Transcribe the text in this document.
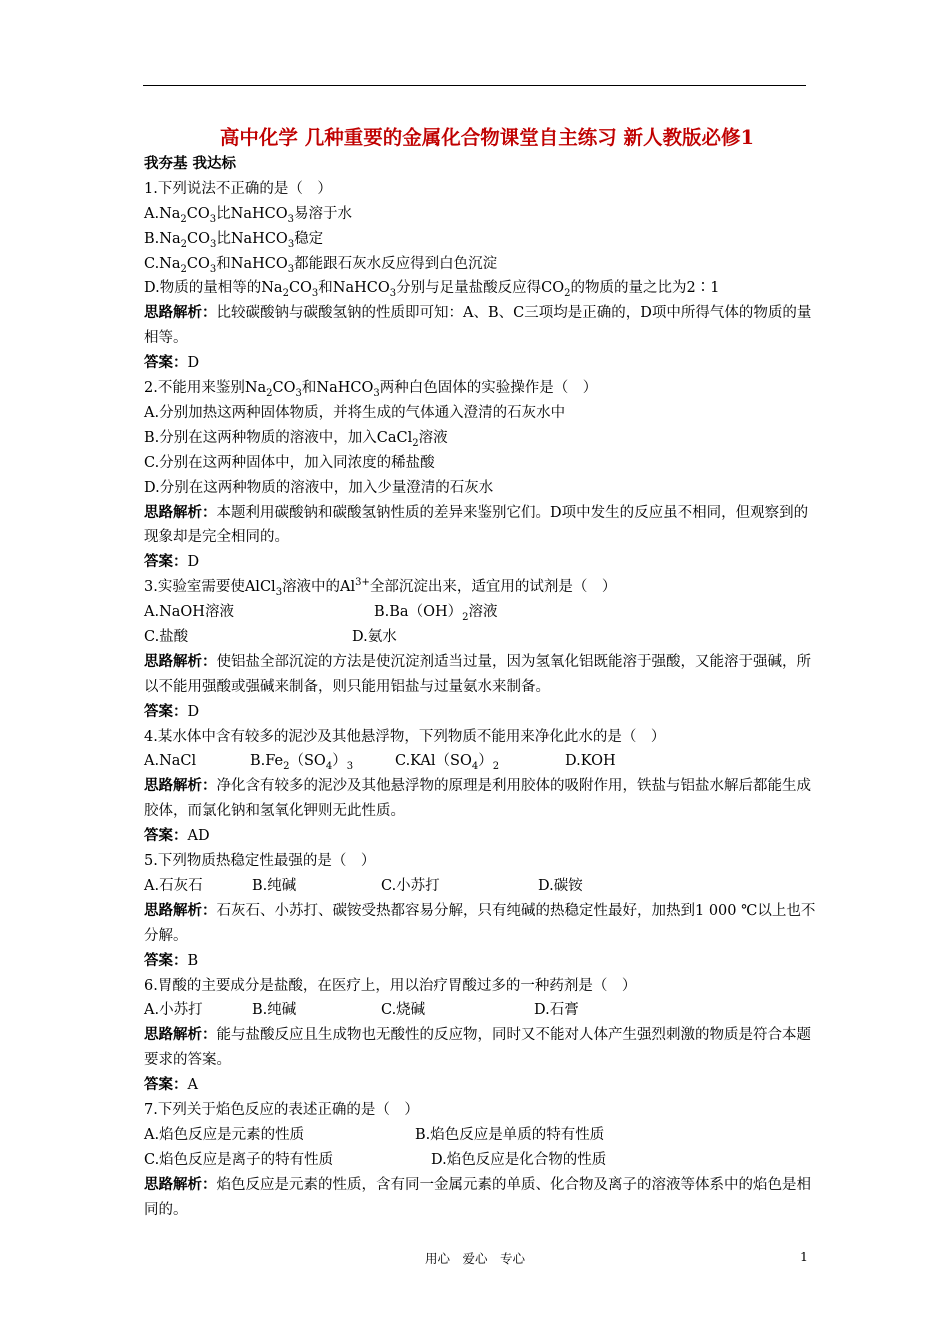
高中化学 几种重要的金属化合物课堂自主练习 新人教版必修1
我夯基 我达标
1.下列说法不正确的是（　）
$A.Na_2CO_3$比NaHCO$_3$易溶于水
$B.Na_2CO_3$比NaHCO$_3$稳定
$C.Na_2CO_3$和NaHCO$_3$都能跟石灰水反应得到白色沉淀
D.物质的量相等的$Na_2CO_3$和NaHCO$_3$分别与足量盐酸反应得$CO_2$的物质的量之比为2∶1
思路解析：比较碳酸钠与碳酸氢钠的性质即可知：A、B、C三项均是正确的，D项中所得气体的物质的量相等。
答案：D
2.不能用来鉴别$Na_2CO_3$和NaHCO$_3$两种白色固体的实验操作是（　）
A.分别加热这两种固体物质，并将生成的气体通入澄清的石灰水中
B.分别在这两种物质的溶液中，加入CaCl$_2$溶液
C.分别在这两种固体中，加入同浓度的稀盐酸
D.分别在这两种物质的溶液中，加入少量澄清的石灰水
思路解析：本题利用碳酸钠和碳酸氢钠性质的差异来鉴别它们。D项中发生的反应虽不相同，但观察到的现象却是完全相同的。
答案：D
3.实验室需要使AlCl$_3$溶液中的$Al^{3+}$全部沉淀出来，适宜用的试剂是（　）
A.NaOH溶液	$B.Ba(OH)_2$溶液
C.盐酸	D.氨水
思路解析：使铝盐全部沉淀的方法是使沉淀剂适当过量，因为氢氧化铝既能溶于强酸，又能溶于强碱，所以不能用强酸或强碱来制备，则只能用铝盐与过量氨水来制备。
答案：D
4.某水体中含有较多的泥沙及其他悬浮物，下列物质不能用来净化此水的是（　）
A.NaCl	$B.Fe_2(SO_4)_3$	$C.KAl(SO_4)_2$	D.KOH
思路解析：净化含有较多的泥沙及其他悬浮物的原理是利用胶体的吸附作用，铁盐与铝盐水解后都能生成胶体，而氯化钠和氢氧化钾则无此性质。
答案：AD
5.下列物质热稳定性最强的是（　）
A.石灰石	B.纯碱	C.小苏打	D.碳铵
思路解析：石灰石、小苏打、碳铵受热都容易分解，只有纯碱的热稳定性最好，加热到1 000 ℃以上也不分解。
答案：B
6.胃酸的主要成分是盐酸，在医疗上，用以治疗胃酸过多的一种药剂是（　）
A.小苏打	B.纯碱	C.烧碱	D.石膏
思路解析：能与盐酸反应且生成物也无酸性的反应物，同时又不能对人体产生强烈刺激的物质是符合本题要求的答案。
答案：A
7.下列关于焰色反应的表述正确的是（　）
A.焰色反应是元素的性质	B.焰色反应是单质的特有性质
C.焰色反应是离子的特有性质	D.焰色反应是化合物的性质
思路解析：焰色反应是元素的性质，含有同一金属元素的单质、化合物及离子的溶液等体系中的焰色是相同的。
用心　爱心　专心	1
